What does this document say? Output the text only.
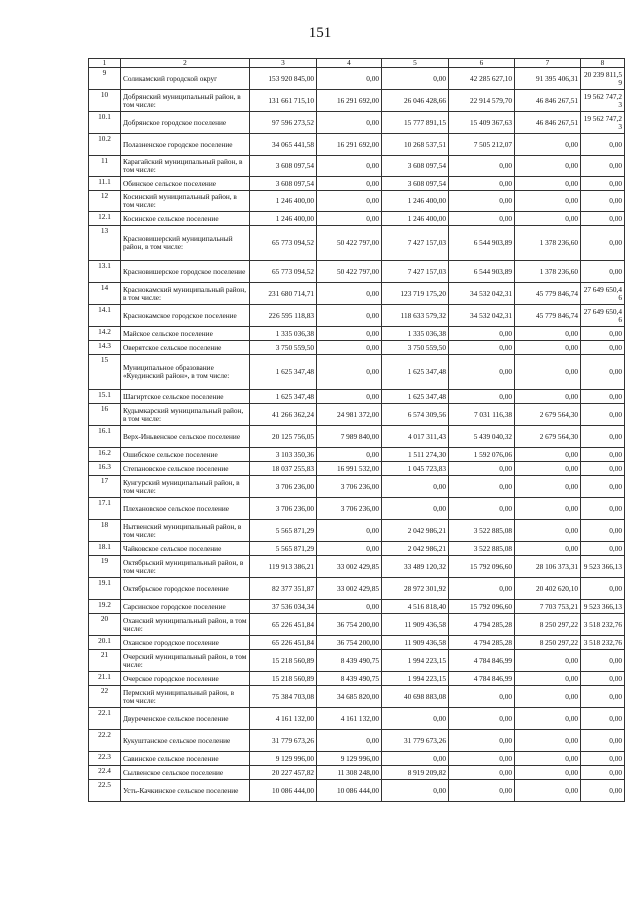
151
1	2	3	4	5	6	7	8
9	Соликамский городской округ	153 920 845,00	0,00	0,00	42 285 627,10	91 395 406,31	20 239 811,59
10	Добрянский муниципальный район, в том числе:	131 661 715,10	16 291 692,00	26 046 428,66	22 914 579,70	46 846 267,51	19 562 747,23
10.1	Добрянское городское поселение	97 596 273,52	0,00	15 777 891,15	15 409 367,63	46 846 267,51	19 562 747,23
10.2	Полазненское городское поселение	34 065 441,58	16 291 692,00	10 268 537,51	7 505 212,07	0,00	0,00
11	Карагайский муниципальный район, в том числе:	3 608 097,54	0,00	3 608 097,54	0,00	0,00	0,00
11.1	Обинское сельское поселение	3 608 097,54	0,00	3 608 097,54	0,00	0,00	0,00
12	Косинский муниципальный район, в том числе:	1 246 400,00	0,00	1 246 400,00	0,00	0,00	0,00
12.1	Косинское сельское поселение	1 246 400,00	0,00	1 246 400,00	0,00	0,00	0,00
13	Красновишерский муниципальный район, в том числе:	65 773 094,52	50 422 797,00	7 427 157,03	6 544 903,89	1 378 236,60	0,00
13.1	Красновишерское городское поселение	65 773 094,52	50 422 797,00	7 427 157,03	6 544 903,89	1 378 236,60	0,00
14	Краснокамский муниципальный район, в том числе:	231 680 714,71	0,00	123 719 175,20	34 532 042,31	45 779 846,74	27 649 650,46
14.1	Краснокамское городское поселение	226 595 118,83	0,00	118 633 579,32	34 532 042,31	45 779 846,74	27 649 650,46
14.2	Майское сельское поселение	1 335 036,38	0,00	1 335 036,38	0,00	0,00	0,00
14.3	Оверятское сельское поселение	3 750 559,50	0,00	3 750 559,50	0,00	0,00	0,00
15	Муниципальное образование «Куединский район», в том числе:	1 625 347,48	0,00	1 625 347,48	0,00	0,00	0,00
15.1	Шагиртское сельское поселение	1 625 347,48	0,00	1 625 347,48	0,00	0,00	0,00
16	Кудымкарский муниципальный район, в том числе:	41 266 362,24	24 981 372,00	6 574 309,56	7 031 116,38	2 679 564,30	0,00
16.1	Верх-Иньвенское сельское поселение	20 125 756,05	7 989 840,00	4 017 311,43	5 439 040,32	2 679 564,30	0,00
16.2	Ошибское сельское поселение	3 103 350,36	0,00	1 511 274,30	1 592 076,06	0,00	0,00
16.3	Степановское сельское поселение	18 037 255,83	16 991 532,00	1 045 723,83	0,00	0,00	0,00
17	Кунгурский муниципальный район, в том числе:	3 706 236,00	3 706 236,00	0,00	0,00	0,00	0,00
17.1	Плехановское сельское поселение	3 706 236,00	3 706 236,00	0,00	0,00	0,00	0,00
18	Нытвенский муниципальный район, в том числе:	5 565 871,29	0,00	2 042 986,21	3 522 885,08	0,00	0,00
18.1	Чайковское сельское поселение	5 565 871,29	0,00	2 042 986,21	3 522 885,08	0,00	0,00
19	Октябрьский муниципальный район, в том числе:	119 913 386,21	33 002 429,85	33 489 120,32	15 792 096,60	28 106 373,31	9 523 366,13
19.1	Октябрьское городское поселение	82 377 351,87	33 002 429,85	28 972 301,92	0,00	20 402 620,10	0,00
19.2	Сарсинское городское поселение	37 536 034,34	0,00	4 516 818,40	15 792 096,60	7 703 753,21	9 523 366,13
20	Оханский муниципальный район, в том числе:	65 226 451,84	36 754 200,00	11 909 436,58	4 794 285,28	8 250 297,22	3 518 232,76
20.1	Оханское городское поселение	65 226 451,84	36 754 200,00	11 909 436,58	4 794 285,28	8 250 297,22	3 518 232,76
21	Очерский муниципальный район, в том числе:	15 218 560,89	8 439 490,75	1 994 223,15	4 784 846,99	0,00	0,00
21.1	Очерское городское поселение	15 218 560,89	8 439 490,75	1 994 223,15	4 784 846,99	0,00	0,00
22	Пермский муниципальный район, в том числе:	75 384 703,08	34 685 820,00	40 698 883,08	0,00	0,00	0,00
22.1	Двуреченское сельское поселение	4 161 132,00	4 161 132,00	0,00	0,00	0,00	0,00
22.2	Кукуштанское сельское поселение	31 779 673,26	0,00	31 779 673,26	0,00	0,00	0,00
22.3	Савинское сельское поселение	9 129 996,00	9 129 996,00	0,00	0,00	0,00	0,00
22.4	Сылвенское сельское поселение	20 227 457,82	11 308 248,00	8 919 209,82	0,00	0,00	0,00
22.5	Усть-Качкинское сельское поселение	10 086 444,00	10 086 444,00	0,00	0,00	0,00	0,00
